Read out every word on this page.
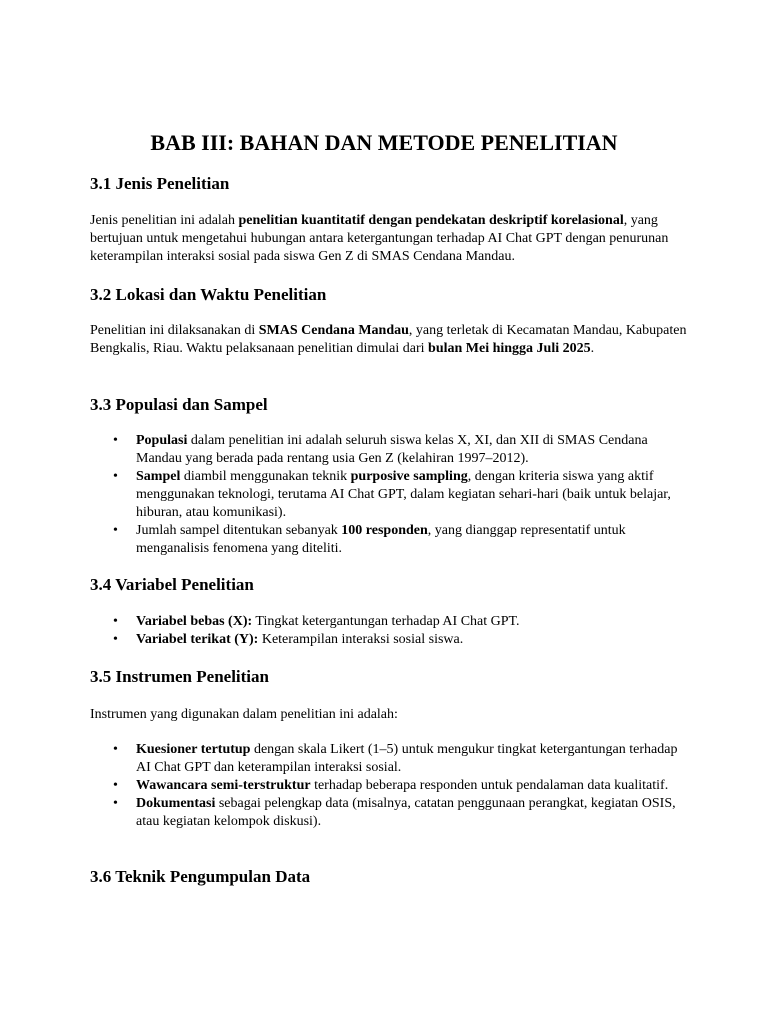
BAB III: BAHAN DAN METODE PENELITIAN
3.1 Jenis Penelitian

Jenis penelitian ini adalah penelitian kuantitatif dengan pendekatan deskriptif korelasional, yang bertujuan untuk mengetahui hubungan antara ketergantungan terhadap AI Chat GPT dengan penurunan keterampilan interaksi sosial pada siswa Gen Z di SMAS Cendana Mandau.

3.2 Lokasi dan Waktu Penelitian

Penelitian ini dilaksanakan di SMAS Cendana Mandau, yang terletak di Kecamatan Mandau, Kabupaten Bengkalis, Riau. Waktu pelaksanaan penelitian dimulai dari bulan Mei hingga Juli 2025.

3.3 Populasi dan Sampel
• Populasi dalam penelitian ini adalah seluruh siswa kelas X, XI, dan XII di SMAS Cendana Mandau yang berada pada rentang usia Gen Z (kelahiran 1997–2012).
• Sampel diambil menggunakan teknik purposive sampling, dengan kriteria siswa yang aktif menggunakan teknologi, terutama AI Chat GPT, dalam kegiatan sehari-hari (baik untuk belajar, hiburan, atau komunikasi).
• Jumlah sampel ditentukan sebanyak 100 responden, yang dianggap representatif untuk menganalisis fenomena yang diteliti.
3.4 Variabel Penelitian
• Variabel bebas (X): Tingkat ketergantungan terhadap AI Chat GPT.
• Variabel terikat (Y): Keterampilan interaksi sosial siswa.
3.5 Instrumen Penelitian

Instrumen yang digunakan dalam penelitian ini adalah:

• Kuesioner tertutup dengan skala Likert (1–5) untuk mengukur tingkat ketergantungan terhadap AI Chat GPT dan keterampilan interaksi sosial.
• Wawancara semi-terstruktur terhadap beberapa responden untuk pendalaman data kualitatif.
• Dokumentasi sebagai pelengkap data (misalnya, catatan penggunaan perangkat, kegiatan OSIS, atau kegiatan kelompok diskusi).
3.6 Teknik Pengumpulan Data
